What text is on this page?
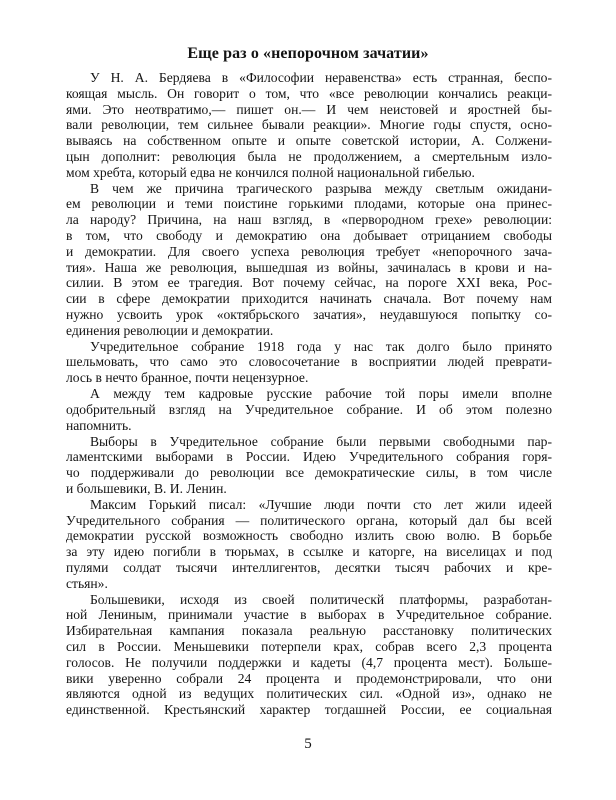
Еще раз о «непорочном зачатии»
У Н. А. Бердяева в «Философии неравенства» есть странная, беспо-
коящая мысль. Он говорит о том, что «все революции кончались реакци-
ями. Это неотвратимо,— пишет он.— И чем неистовей и яростней бы-
вали революции, тем сильнее бывали реакции». Многие годы спустя, осно-
вываясь на собственном опыте и опыте советской истории, А. Солжени-
цын дополнит: революция была не продолжением, а смертельным изло-
мом хребта, который едва не кончился полной национальной гибелью.
В чем же причина трагического разрыва между светлым ожидани-
ем революции и теми поистине горькими плодами, которые она принес-
ла народу? Причина, на наш взгляд, в «первородном грехе» революции:
в том, что свободу и демократию она добывает отрицанием свободы
и демократии. Для своего успеха революция требует «непорочного зача-
тия». Наша же революция, вышедшая из войны, зачиналась в крови и на-
силии. В этом ее трагедия. Вот почему сейчас, на пороге XXI века, Рос-
сии в сфере демократии приходится начинать сначала. Вот почему нам
нужно усвоить урок «октябрьского зачатия», неудавшуюся попытку со-
единения революции и демократии.
Учредительное собрание 1918 года у нас так долго было принято
шельмовать, что само это словосочетание в восприятии людей преврати-
лось в нечто бранное, почти нецензурное.
А между тем кадровые русские рабочие той поры имели вполне
одобрительный взгляд на Учредительное собрание. И об этом полезно
напомнить.
Выборы в Учредительное собрание были первыми свободными пар-
ламентскими выборами в России. Идею Учредительного собрания горя-
чо поддерживали до революции все демократические силы, в том числе
и большевики, В. И. Ленин.
Максим Горький писал: «Лучшие люди почти сто лет жили идеей
Учредительного собрания — политического органа, который дал бы всей
демократии русской возможность свободно излить свою волю. В борьбе
за эту идею погибли в тюрьмах, в ссылке и каторге, на виселицах и под
пулями солдат тысячи интеллигентов, десятки тысяч рабочих и кре-
стьян».
Большевики, исходя из своей политическй платформы, разработан-
ной Лениным, принимали участие в выборах в Учредительное собрание.
Избирательная кампания показала реальную расстановку политических
сил в России. Меньшевики потерпели крах, собрав всего 2,3 процента
голосов. Не получили поддержки и кадеты (4,7 процента мест). Больше-
вики уверенно собрали 24 процента и продемонстрировали, что они
являются одной из ведущих политических сил. «Одной из», однако не
единственной. Крестьянский характер тогдашней России, ее социальная
5
